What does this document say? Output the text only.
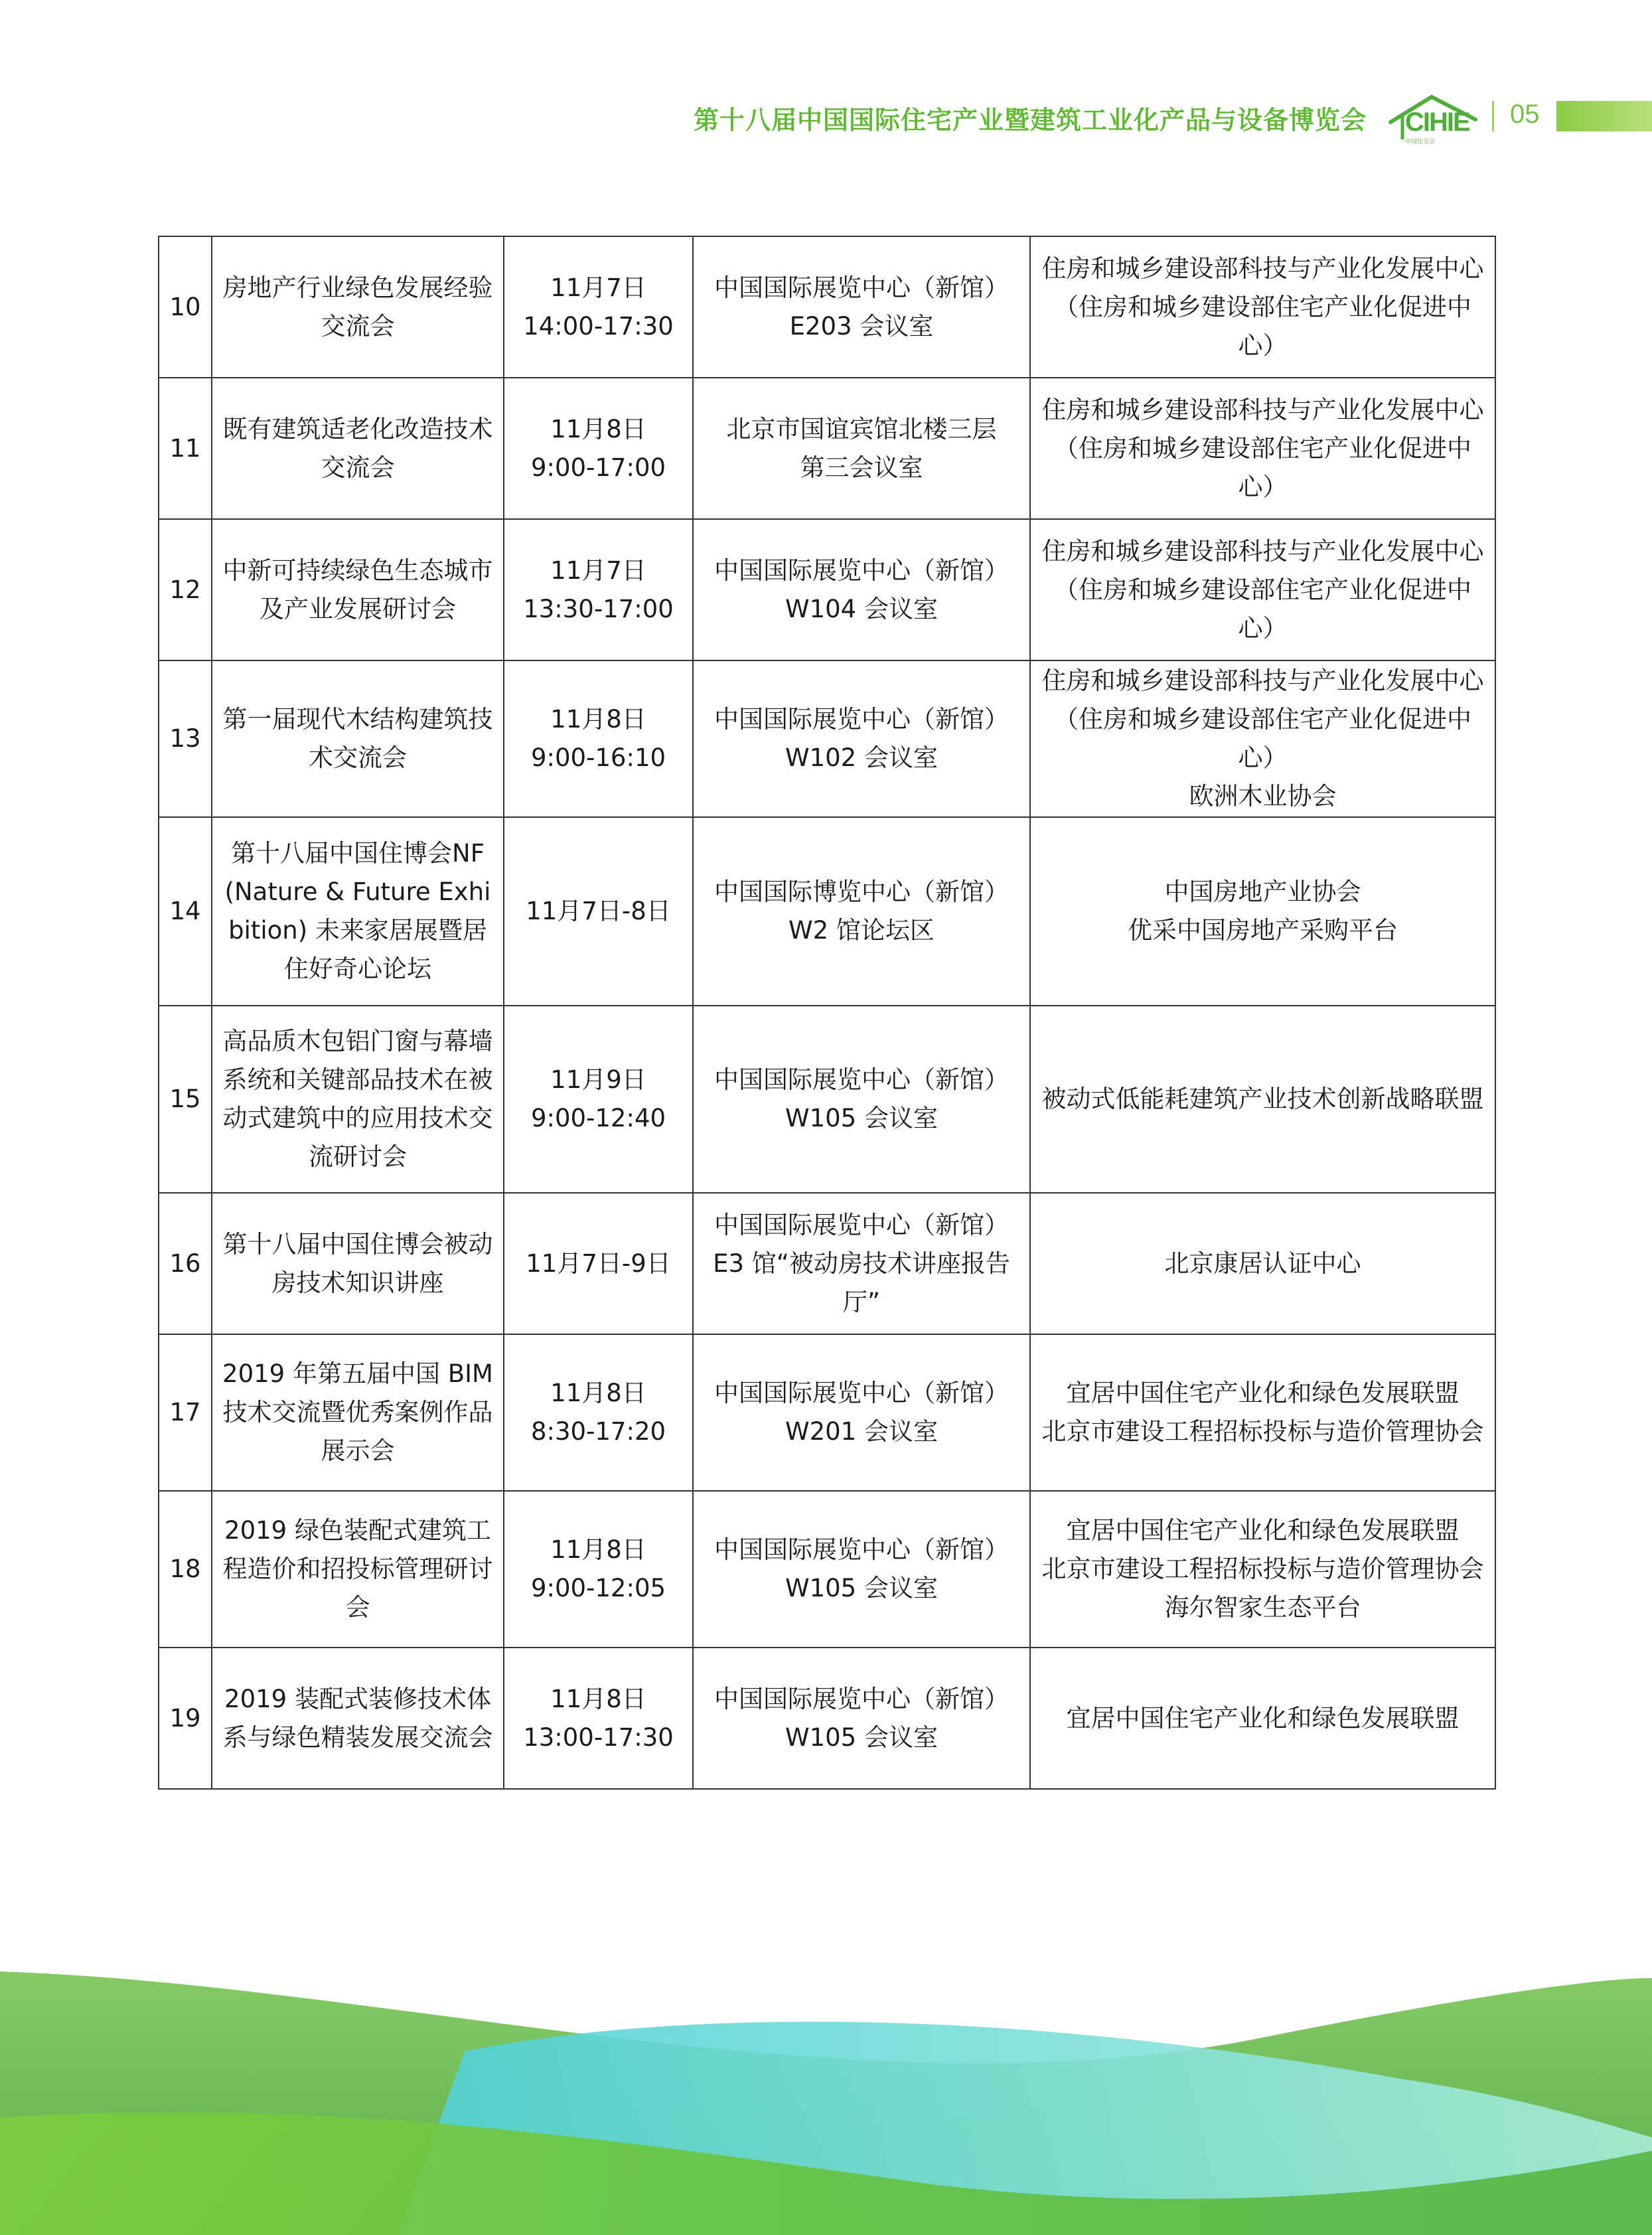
第十八届中国国际住宅产业暨建筑工业化产品与设备博览会 CIHIE
中国住交会
05
10	房地产行业绿色发展经验交流会	11月7日
14:00-17:30	中国国际展览中心（新馆）
E203 会议室	住房和城乡建设部科技与产业化发展中心
（住房和城乡建设部住宅产业化促进中心）
11	既有建筑适老化改造技术交流会	11月8日
9:00-17:00	北京市国谊宾馆北楼三层
第三会议室	住房和城乡建设部科技与产业化发展中心
（住房和城乡建设部住宅产业化促进中心）
12	中新可持续绿色生态城市及产业发展研讨会	11月7日
13:30-17:00	中国国际展览中心（新馆）
W104 会议室	住房和城乡建设部科技与产业化发展中心
（住房和城乡建设部住宅产业化促进中心）
13	第一届现代木结构建筑技术交流会	11月8日
9:00-16:10	中国国际展览中心（新馆）
W102 会议室	住房和城乡建设部科技与产业化发展中心
（住房和城乡建设部住宅产业化促进中心）
欧洲木业协会
14	第十八届中国住博会NF(Nature & Future Exhibition) 未来家居展暨居住好奇心论坛	11月7日-8日	中国国际博览中心（新馆）
W2 馆论坛区	中国房地产业协会
优采中国房地产采购平台
15	高品质木包铝门窗与幕墙系统和关键部品技术在被动式建筑中的应用技术交流研讨会	11月9日
9:00-12:40	中国国际展览中心（新馆）
W105 会议室	被动式低能耗建筑产业技术创新战略联盟
16	第十八届中国住博会被动房技术知识讲座	11月7日-9日	中国国际展览中心（新馆）
E3 馆“被动房技术讲座报告厅”	北京康居认证中心
17	2019 年第五届中国 BIM 技术交流暨优秀案例作品展示会	11月8日
8:30-17:20	中国国际展览中心（新馆）
W201 会议室	宜居中国住宅产业化和绿色发展联盟
北京市建设工程招标投标与造价管理协会
18	2019 绿色装配式建筑工程造价和招投标管理研讨会	11月8日
9:00-12:05	中国国际展览中心（新馆）
W105 会议室	宜居中国住宅产业化和绿色发展联盟
北京市建设工程招标投标与造价管理协会
海尔智家生态平台
19	2019 装配式装修技术体系与绿色精装发展交流会	11月8日
13:00-17:30	中国国际展览中心（新馆）
W105 会议室	宜居中国住宅产业化和绿色发展联盟
